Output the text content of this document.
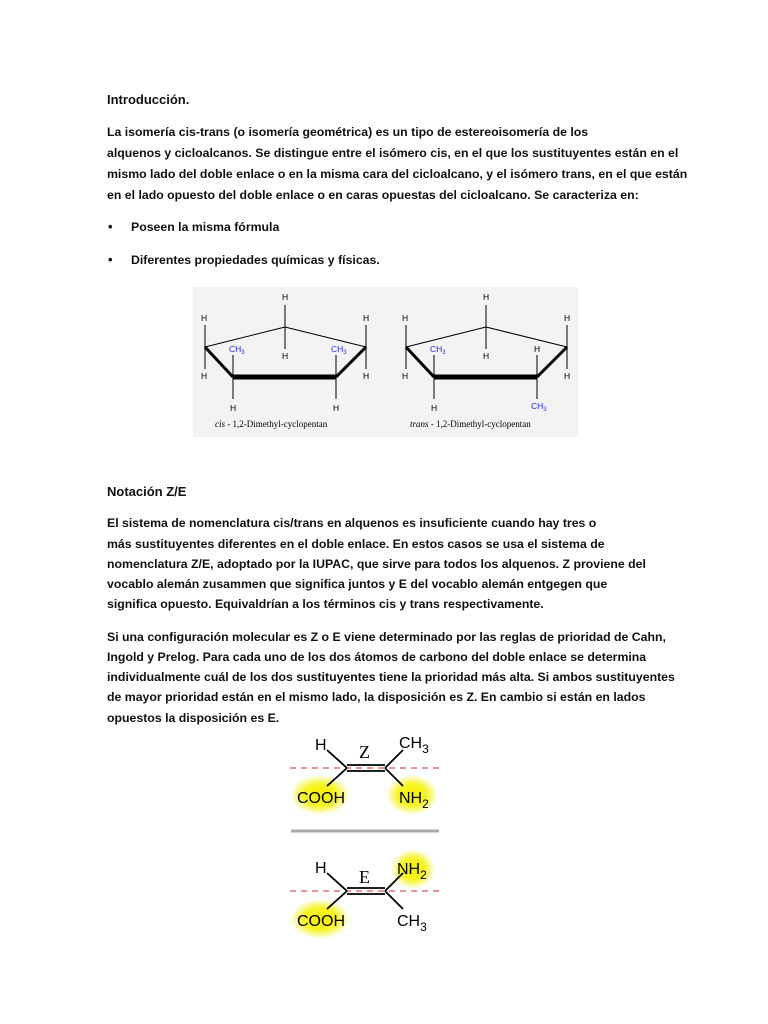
Introducción.

La isomería cis-trans (o isomería geométrica) es un tipo de estereoisomería de los

alquenos y cicloalcanos. Se distingue entre el isómero cis, en el que los sustituyentes están en el

mismo lado del doble enlace o en la misma cara del cicloalcano, y el isómero trans, en el que están

en el lado opuesto del doble enlace o en caras opuestas del cicloalcano. Se caracteriza en:

• Poseen la misma fórmula
• Diferentes propiedades químicas y físicas.
H
H
H
H
H
H
H	H
$CH_3$	$CH_3$
cis - 1,2-Dimethyl-cyclopentan
H
H
H
H
H
H
H
H
$CH_3$
$CH_3$
trans - 1,2-Dimethyl-cyclopentan
Notación Z/E

El sistema de nomenclatura cis/trans en alquenos es insuficiente cuando hay tres o

más sustituyentes diferentes en el doble enlace. En estos casos se usa el sistema de

nomenclatura Z/E, adoptado por la IUPAC, que sirve para todos los alquenos. Z proviene del

vocablo alemán zusammen que significa juntos y E del vocablo alemán entgegen que

significa opuesto. Equivaldrían a los términos cis y trans respectivamente.

Si una configuración molecular es Z o E viene determinado por las reglas de prioridad de Cahn,

Ingold y Prelog. Para cada uno de los dos átomos de carbono del doble enlace se determina

individualmente cuál de los dos sustituyentes tiene la prioridad más alta. Si ambos sustituyentes

de mayor prioridad están en el mismo lado, la disposición es Z. En cambio si están en lados

opuestos la disposición es E.

H Z $CH_3$
COOH	$NH_2$
H E $NH_2$
COOH	$CH_3$
